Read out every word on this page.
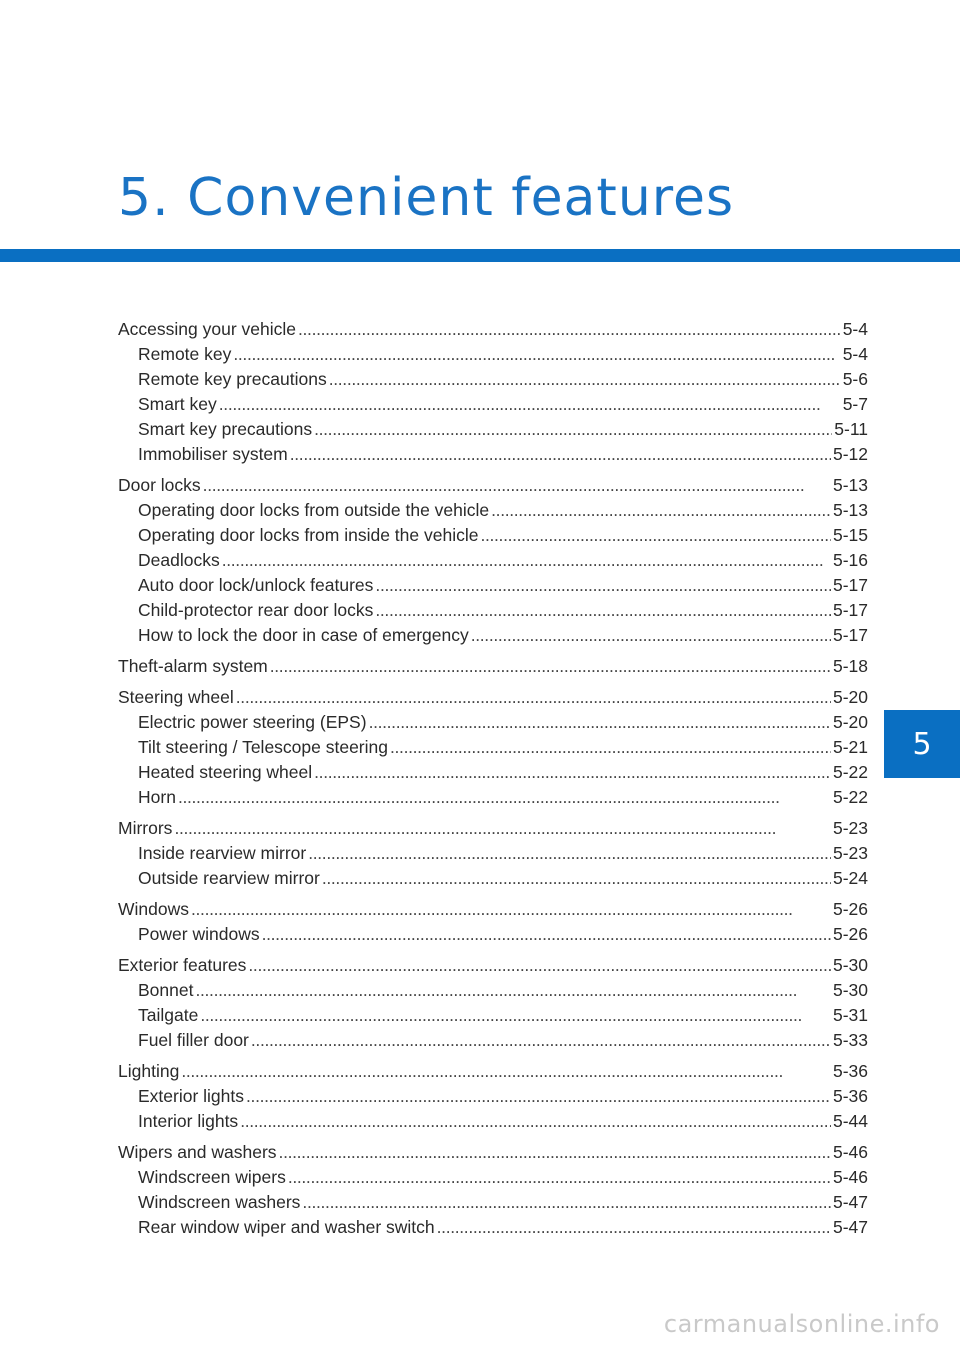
5. Convenient features
5
Accessing your vehicle . . .	5-4
Remote key . . .	5-4
Remote key precautions . . .	5-6
Smart key . . .	5-7
Smart key precautions . . .	5-11
Immobiliser system . . .	5-12
Door locks . . .	5-13
Operating door locks from outside the vehicle . . .	5-13
Operating door locks from inside the vehicle . . .	5-15
Deadlocks . . .	5-16
Auto door lock/unlock features . . .	5-17
Child-protector rear door locks . . .	5-17
How to lock the door in case of emergency . . .	5-17
Theft-alarm system . . .	5-18
Steering wheel . . .	5-20
Electric power steering (EPS) . . .	5-20
Tilt steering / Telescope steering . . .	5-21
Heated steering wheel . . .	5-22
Horn . . .	5-22
Mirrors . . .	5-23
Inside rearview mirror . . .	5-23
Outside rearview mirror . . .	5-24
Windows . . .	5-26
Power windows . . .	5-26
Exterior features . . .	5-30
Bonnet . . .	5-30
Tailgate . . .	5-31
Fuel filler door . . .	5-33
Lighting . . .	5-36
Exterior lights . . .	5-36
Interior lights . . .	5-44
Wipers and washers . . .	5-46
Windscreen wipers . . .	5-46
Windscreen washers . . .	5-47
Rear window wiper and washer switch . . .	5-47
carmanualsonline.info
